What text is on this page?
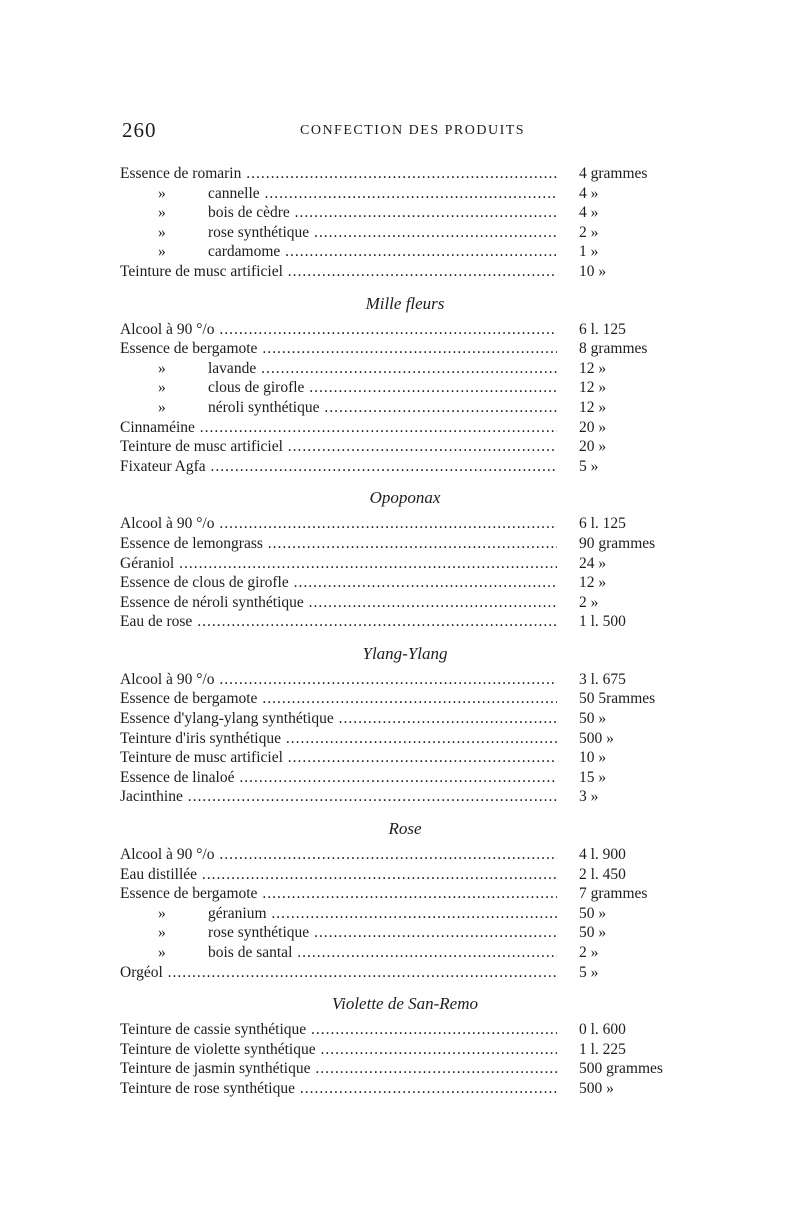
260	CONFECTION DES PRODUITS
Essence de romarin .....	4 grammes
»	cannelle .....	4 »
»	bois de cèdre .....	4 »
»	rose synthétique .....	2 »
»	cardamome .....	1 »
Teinture de musc artificiel .....	10 »
Mille fleurs
Alcool à 90 °/o .....	6 l. 125
Essence de bergamote .....	8 grammes
»	lavande .....	12 »
»	clous de girofle .....	12 »
»	néroli synthétique .....	12 »
Cinnaméine .....	20 »
Teinture de musc artificiel .....	20 »
Fixateur Agfa .....	5 »
Opoponax
Alcool à 90 °/o .....	6 l. 125
Essence de lemongrass .....	90 grammes
Géraniol .....	24 »
Essence de clous de girofle .....	12 »
Essence de néroli synthétique .....	2 »
Eau de rose .....	1 l. 500
Ylang-Ylang
Alcool à 90 °/o .....	3 l. 675
Essence de bergamote .....	50 5rammes
Essence d'ylang-ylang synthétique .....	50 »
Teinture d'iris synthétique .....	500 »
Teinture de musc artificiel .....	10 »
Essence de linaloé .....	15 »
Jacinthine .....	3 »
Rose
Alcool à 90 °/o .....	4 l. 900
Eau distillée .....	2 l. 450
Essence de bergamote .....	7 grammes
»	géranium .....	50 »
»	rose synthétique .....	50 »
»	bois de santal .....	2 »
Orgéol .....	5 »
Violette de San-Remo
Teinture de cassie synthétique .....	0 l. 600
Teinture de violette synthétique .....	1 l. 225
Teinture de jasmin synthétique .....	500 grammes
Teinture de rose synthétique .....	500 »
